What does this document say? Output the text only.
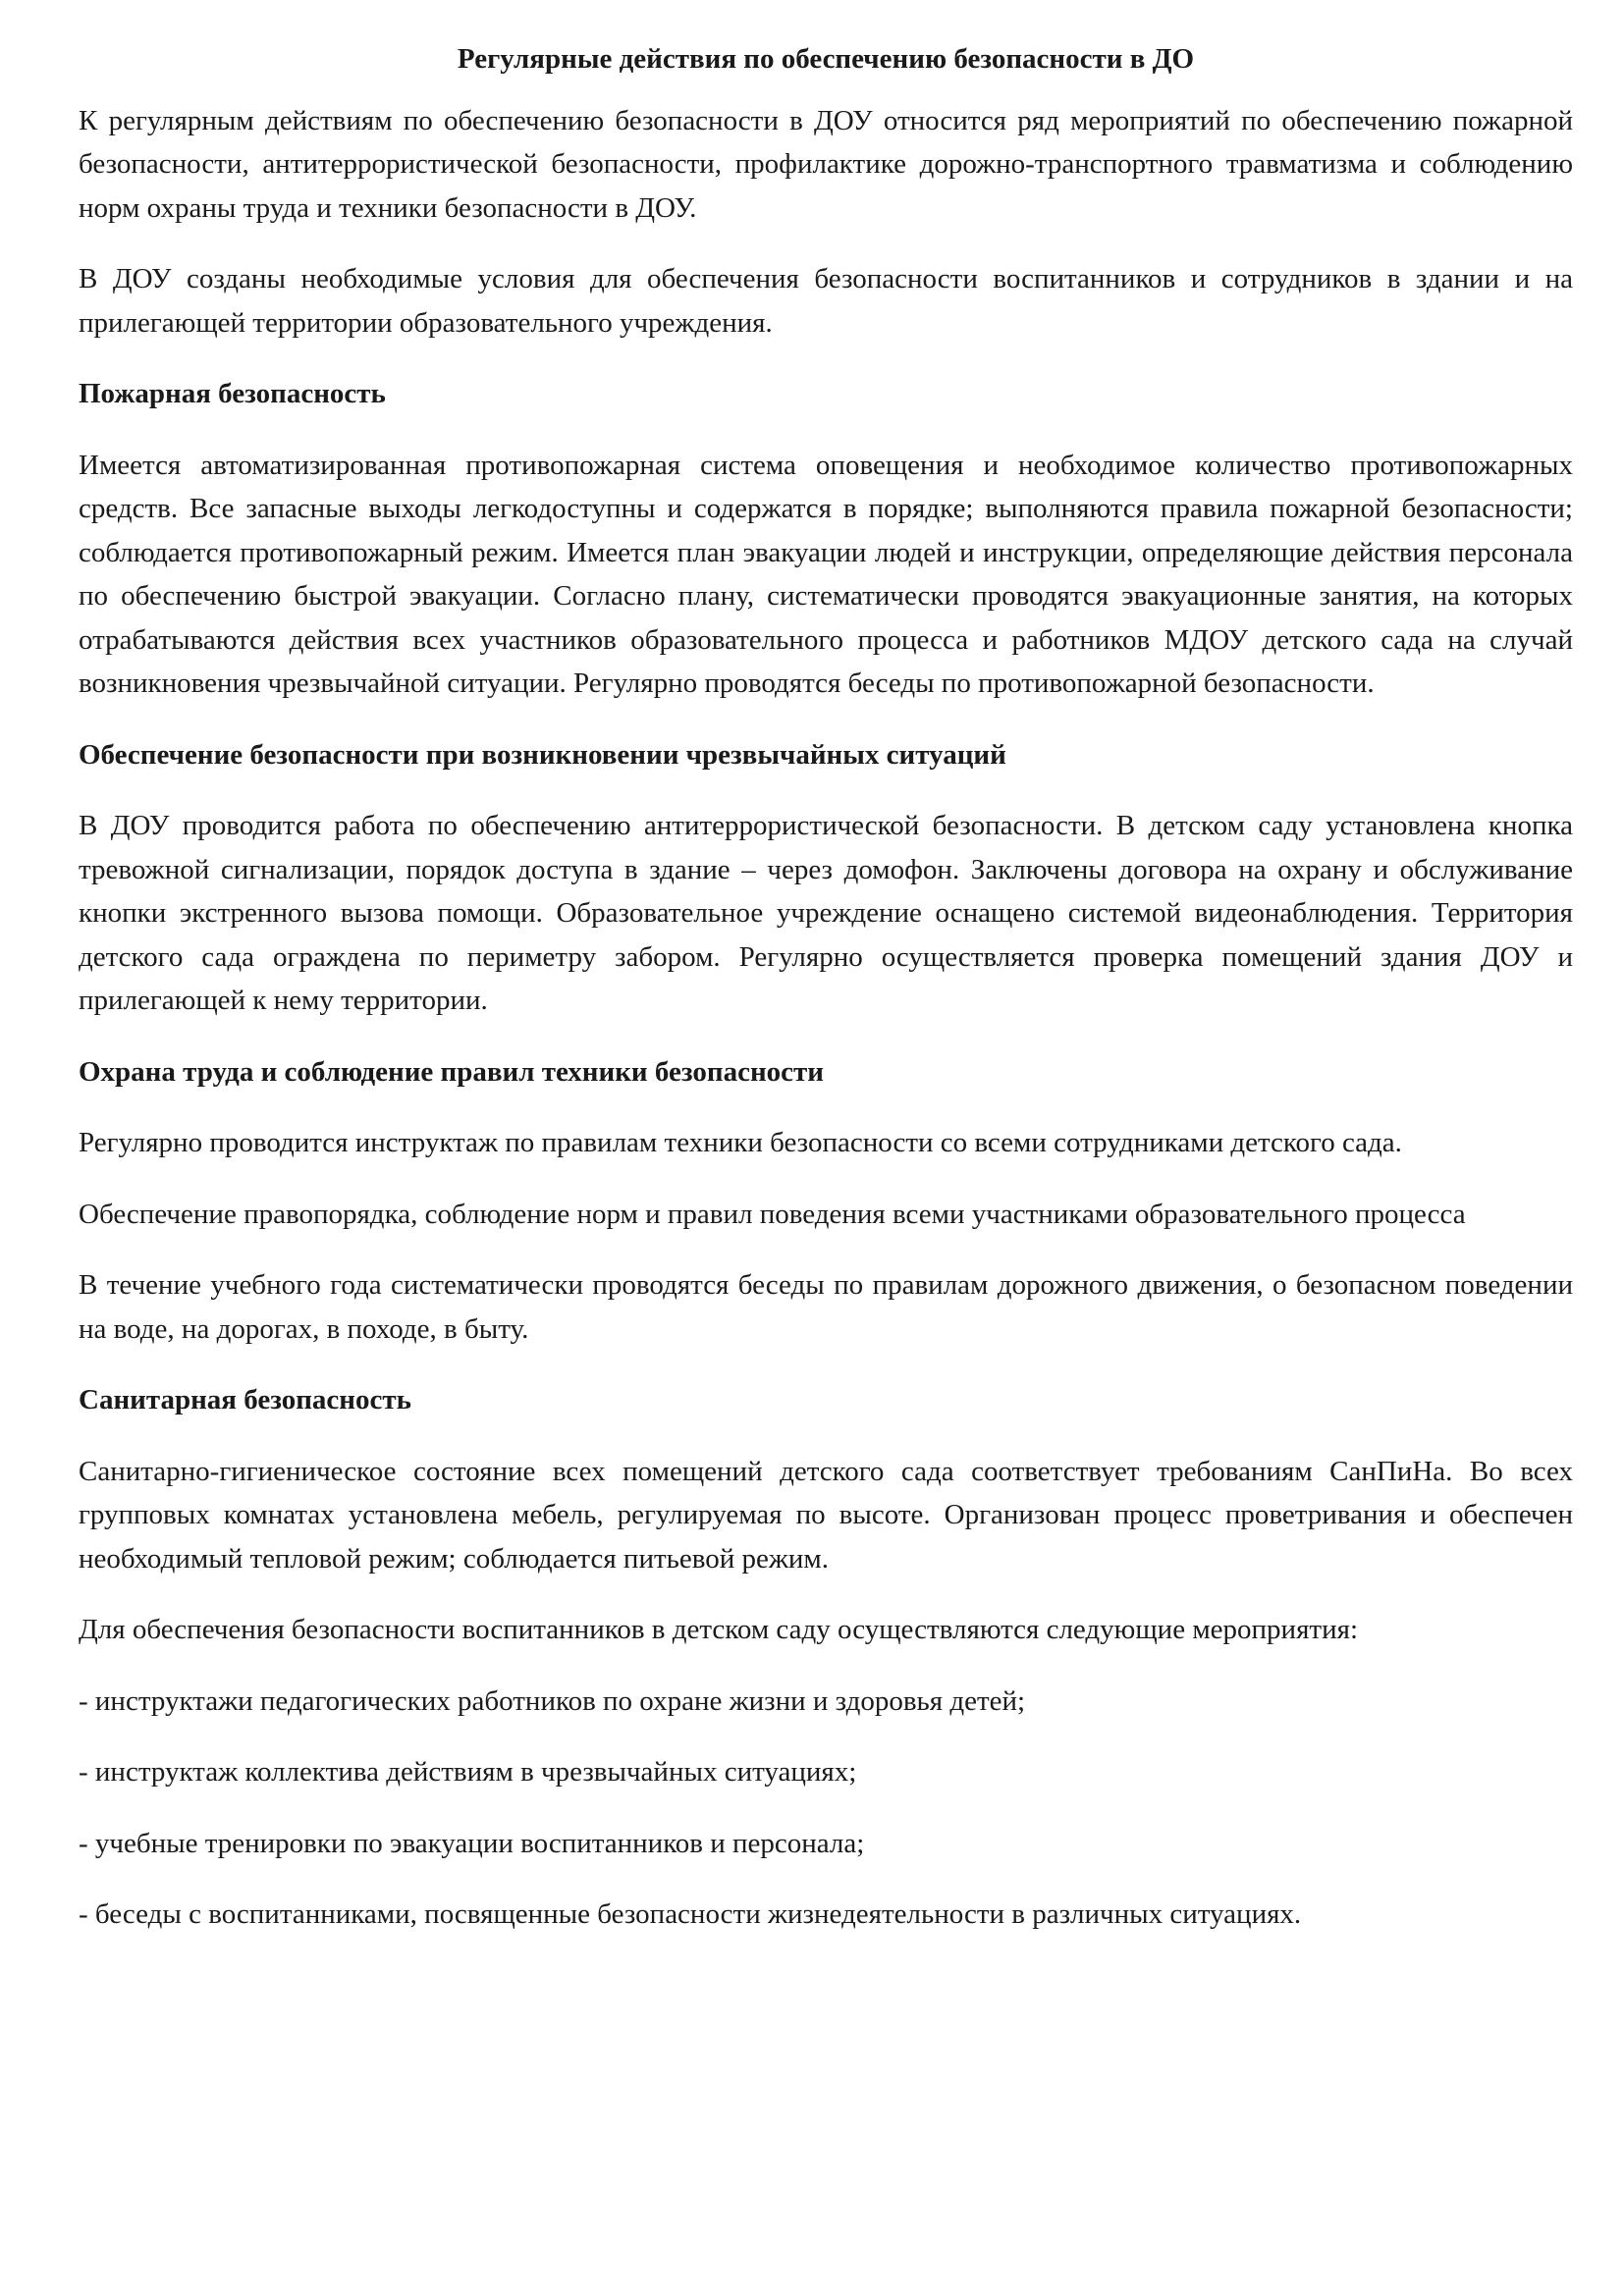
Регулярные действия по обеспечению безопасности в ДО

К регулярным действиям по обеспечению безопасности в ДОУ относится ряд мероприятий по обеспечению пожарной безопасности, антитеррористической безопасности, профилактике дорожно-транспортного травматизма и соблюдению норм охраны труда и техники безопасности в ДОУ.

В ДОУ созданы необходимые условия для обеспечения безопасности воспитанников и сотрудников в здании и на прилегающей территории образовательного учреждения.

Пожарная безопасность

Имеется автоматизированная противопожарная система оповещения и необходимое количество противопожарных средств. Все запасные выходы легкодоступны и содержатся в порядке; выполняются правила пожарной безопасности; соблюдается противопожарный режим. Имеется план эвакуации людей и инструкции, определяющие действия персонала по обеспечению быстрой эвакуации. Согласно плану, систематически проводятся эвакуационные занятия, на которых отрабатываются действия всех участников образовательного процесса и работников МДОУ детского сада на случай возникновения чрезвычайной ситуации. Регулярно проводятся беседы по противопожарной безопасности.

Обеспечение безопасности при возникновении чрезвычайных ситуаций

В ДОУ проводится работа по обеспечению антитеррористической безопасности. В детском саду установлена кнопка тревожной сигнализации, порядок доступа в здание – через домофон. Заключены договора на охрану и обслуживание кнопки экстренного вызова помощи. Образовательное учреждение оснащено системой видеонаблюдения. Территория детского сада ограждена по периметру забором. Регулярно осуществляется проверка помещений здания ДОУ и прилегающей к нему территории.

Охрана труда и соблюдение правил техники безопасности

Регулярно проводится инструктаж по правилам техники безопасности со всеми сотрудниками детского сада.

Обеспечение правопорядка, соблюдение норм и правил поведения всеми участниками образовательного процесса

В течение учебного года систематически проводятся беседы по правилам дорожного движения, о безопасном поведении на воде, на дорогах, в походе, в быту.

Санитарная безопасность

Санитарно-гигиеническое состояние всех помещений детского сада соответствует требованиям СанПиНа. Во всех групповых комнатах установлена мебель, регулируемая по высоте. Организован процесс проветривания и обеспечен необходимый тепловой режим; соблюдается питьевой режим.

Для обеспечения безопасности воспитанников в детском саду осуществляются следующие мероприятия:

- инструктажи педагогических работников по охране жизни и здоровья детей;
- инструктаж коллектива действиям в чрезвычайных ситуациях;
- учебные тренировки по эвакуации воспитанников и персонала;
- беседы с воспитанниками, посвященные безопасности жизнедеятельности в различных ситуациях.
